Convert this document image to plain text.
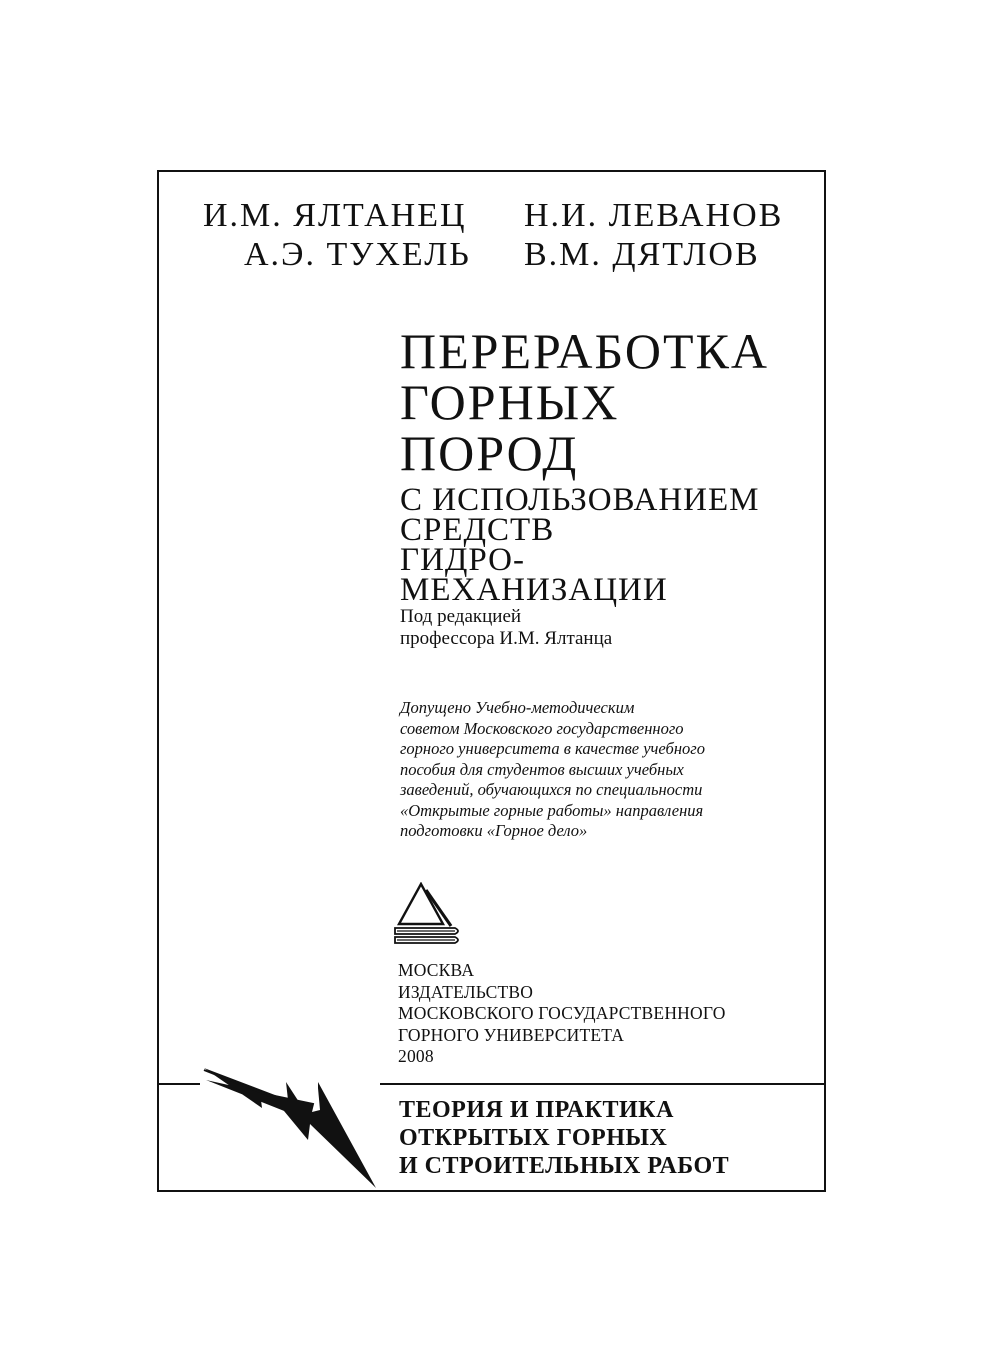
И.М. ЯЛТАНЕЦ Н.И. ЛЕВАНОВ
А.Э. ТУХЕЛЬ В.М. ДЯТЛОВ
ПЕРЕРАБОТКА
ГОРНЫХ
ПОРОД
С ИСПОЛЬЗОВАНИЕМ
СРЕДСТВ
ГИДРО-
МЕХАНИЗАЦИИ
Под редакцией
профессора И.М. Ялтанца
Допущено Учебно-методическим
советом Московского государственного
горного университета в качестве учебного
пособия для студентов высших учебных
заведений, обучающихся по специальности
«Открытые горные работы» направления
подготовки «Горное дело»
МОСКВА
ИЗДАТЕЛЬСТВО
МОСКОВСКОГО ГОСУДАРСТВЕННОГО
ГОРНОГО УНИВЕРСИТЕТА
2008
ТЕОРИЯ И ПРАКТИКА
ОТКРЫТЫХ ГОРНЫХ
И СТРОИТЕЛЬНЫХ РАБОТ
